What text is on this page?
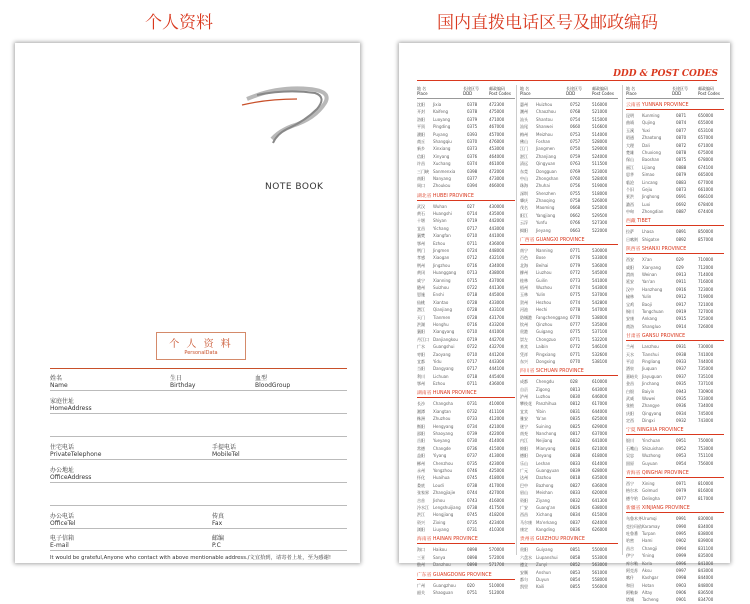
个人资料	国内直拨电话区号及邮政编码
NOTE BOOK
个 人 资 料
PersonalData
姓名
Name
生日
Birthday
血型
BloodGroup
家庭住址
HomeAddress
住宅电话
PrivateTelephone
手提电话
MobileTel
办公地址
OfficeAddress
办公电话
OfficeTel
传真
Fax
电子信箱
E-mail
邮编
P.C
It would be grateful,Anyone who contact with above mentionable address./文宜拾到，请寄者上址，至为感谢!
DDD & POST CODES
地 名
Place
长途区号
DDD
邮政编码
Post Codes
沈阳	Jixia	0378	472300
开封	Kaifeng	0378	475000
洛阳	Luoyang	0379	471000
平顶	Pingding	0375	467000
濮阳	Puyang	0393	457000
商丘	Shangqiu	0370	476000
新乡	Xinxiang	0373	453000
信阳	Xinyang	0376	464000
许昌	Xuchang	0374	461000
三门峡	Sanmenxia	0398	472000
南阳	Nanyang	0377	473000
周口	Zhoukou	0394	466000
湖北省 HUBEI PROVINCE
武汉	Wuhan	027	430000
黄石	Huangshi	0714	435000
十堰	Shiyan	0719	442000
宜昌	Yichang	0717	443000
襄樊	Xiangfan	0710	441000
鄂州	Ezhou	0711	436000
荆门	Jingmen	0724	448000
孝感	Xiaogan	0712	432100
荆州	Jingzhou	0716	434000
黄冈	Huanggang	0713	438000
咸宁	Xianning	0715	437000
随州	Suizhou	0722	441300
恩施	Enshi	0718	445000
仙桃	Xiantao	0728	433000
潜江	Qianjiang	0728	433100
天门	Tianmen	0728	431700
洪湖	Honghu	0716	433200
襄阳	Xiangyang	0710	441000
丹江口	Danjiangkou	0719	442700
广水	Guangshui	0722	432700
枣阳	Zaoyang	0710	441200
宜都	Yidu	0717	443300
当阳	Dangyang	0717	444100
利川	Lichuan	0718	445400
鄂州	Ezhou	0711	436000
湖南省 HUNAN PROVINCE
长沙	Changsha	0731	410000
湘潭	Xiangtan	0732	411100
株洲	Zhuzhou	0733	412000
衡阳	Hengyang	0734	421000
邵阳	Shaoyang	0739	422000
岳阳	Yueyang	0730	414000
常德	Changde	0736	415000
益阳	Yiyang	0737	413000
郴州	Chenzhou	0735	423000
永州	Yongzhou	0746	425000
怀化	Huaihua	0745	418000
娄底	Loudi	0738	417000
张家界	Zhangjiajie	0744	427000
吉首	Jishou	0743	416000
冷水江	Lengshuijiang	0738	417500
洪江	Hongjiang	0745	418200
资兴	Zixing	0735	423400
浏阳	Liuyang	0731	410300
海南省 HAINAN PROVINCE
海口	Haikou	0898	570000
三亚	Sanya	0898	572000
儋州	Danzhou	0898	571700
广东省 GUANGDONG PROVINCE
广州	Guangzhou	020	510000
韶关	Shaoguan	0751	512000
地 名
Place
长途区号
DDD
邮政编码
Post Codes
惠州	Huizhou	0752	516000
潮州	Chaozhou	0768	521000
汕头	Shantou	0754	515000
汕尾	Shanwei	0660	516600
梅州	Meizhou	0753	514000
佛山	Foshan	0757	528000
江门	Jiangmen	0750	529000
湛江	Zhanjiang	0759	524000
清远	Qingyuan	0763	511500
东莞	Dongguan	0769	523000
中山	Zhongshan	0760	528400
珠海	Zhuhai	0756	519000
深圳	Shenzhen	0755	518000
肇庆	Zhaoqing	0758	526000
茂名	Maoming	0668	525000
阳江	Yangjiang	0662	529500
云浮	Yunfu	0766	527300
揭阳	Jieyang	0663	522000
广西省 GUANGXI PROVINCE
南宁	Nanning	0771	530000
百色	Bose	0776	533000
北海	Beihai	0779	536000
柳州	Liuzhou	0772	545000
桂林	Guilin	0773	541000
梧州	Wuzhou	0774	543000
玉林	Yulin	0775	537000
贺州	Hezhou	0774	542800
河池	Hechi	0778	547000
防城港	Fangchenggang 0770	538000
钦州	Qinzhou	0777	535000
贵港	Guigang	0775	537100
崇左	Chongzuo	0771	532200
来宾	Laibin	0772	546100
凭祥	Pingxiang	0771	532600
东兴	Dongxing	0770	538100
四川省 SICHUAN PROVINCE
成都	Chengdu	028	610000
自贡	Zigong	0813	643000
泸州	Luzhou	0830	646000
攀枝花	Panzhihua	0812	617000
宜宾	Yibin	0831	644000
雅安	Ya'an	0835	625000
遂宁	Suining	0825	629000
南充	Nanchong	0817	637000
内江	Neijiang	0832	641000
绵阳	Mianyang	0816	621000
德阳	Deyang	0838	618000
乐山	Leshan	0833	614000
广元	Guangyuan	0839	628000
达州	Dazhou	0818	635000
巴中	Bazhong	0827	636000
眉山	Meishan	0833	620000
资阳	Ziyang	0832	641300
广安	Guang'an	0826	638000
西昌	Xichang	0834	615000
马尔康	Ma'erkang	0837	624000
康定	Kangding	0836	626000
贵州省 GUIZHOU PROVINCE
贵阳	Guiyang	0851	550000
六盘水	Liupanshui	0858	553000
遵义	Zunyi	0852	563000
安顺	Anshun	0853	561000
都匀	Duyun	0854	558000
凯里	Kaili	0855	556000
地 名
Place
长途区号
DDD
邮政编码
Post Codes
云南省 YUNNAN PROVINCE
昆明	Kunming	0871	650000
曲靖	Qujing	0874	655000
玉溪	Yuxi	0877	653100
昭通	Zhaotong	0870	657000
大理	Dali	0872	671000
楚雄	Chuxiong	0878	675000
保山	Baoshan	0875	678000
丽江	Lijiang	0888	674100
思茅	Simao	0879	665000
临沧	Lincang	0883	677000
个旧	Gejiu	0873	661000
景洪	Jinghong	0691	666100
潞西	Luxi	0692	678400
中甸	Zhongdian	0887	674400
西藏 TIBET
拉萨	Lhasa	0891	850000
日喀则	Shigatse	0892	857000
陕西省 SHANXI PROVINCE
西安	Xi'an	029	710000
咸阳	Xianyang	029	712000
渭南	Weinan	0913	714000
延安	Yan'an	0911	716000
汉中	Hanzhong	0916	723000
榆林	Yulin	0912	719000
宝鸡	Baoji	0917	721000
铜川	Tongchuan	0919	727000
安康	Ankang	0915	725000
商洛	Shangluo	0914	726000
甘肃省 GANSU PROVINCE
兰州	Lanzhou	0931	730000
天水	Tianshui	0938	741000
平凉	Pingliang	0933	744000
酒泉	Jiuquan	0937	735000
嘉峪关	Jiayuguan	0937	735100
金昌	Jinchang	0935	737100
白银	Baiyin	0943	730900
武威	Wuwei	0935	733000
张掖	Zhangye	0936	734000
庆阳	Qingyang	0934	745000
定西	Dingxi	0932	743000
宁夏 NINGXIA PROVINCE
银川	Yinchuan	0951	750000
石嘴山	Shizuishan	0952	753000
吴忠	Wuzhong	0953	751100
固原	Guyuan	0954	756000
青海省 QINGHAI PROVINCE
西宁	Xining	0971	810000
格尔木	Golmud	0979	816000
德令哈	Delingha	0977	817000
新疆省 XINJIANG PROVINCE
乌鲁木齐 Urumqi	0991	830000
克拉玛依 Karamay	0990	834000
吐鲁番	Turpan	0995	838000
哈密	Hami	0902	839000
昌吉	Changji	0994	831100
伊宁	Yining	0999	835000
库尔勒	Korla	0996	841000
阿克苏	Aksu	0997	843000
喀什	Kashgar	0998	844000
和田	Hotan	0903	848000
阿勒泰	Altay	0906	836500
塔城	Tacheng	0901	834700
